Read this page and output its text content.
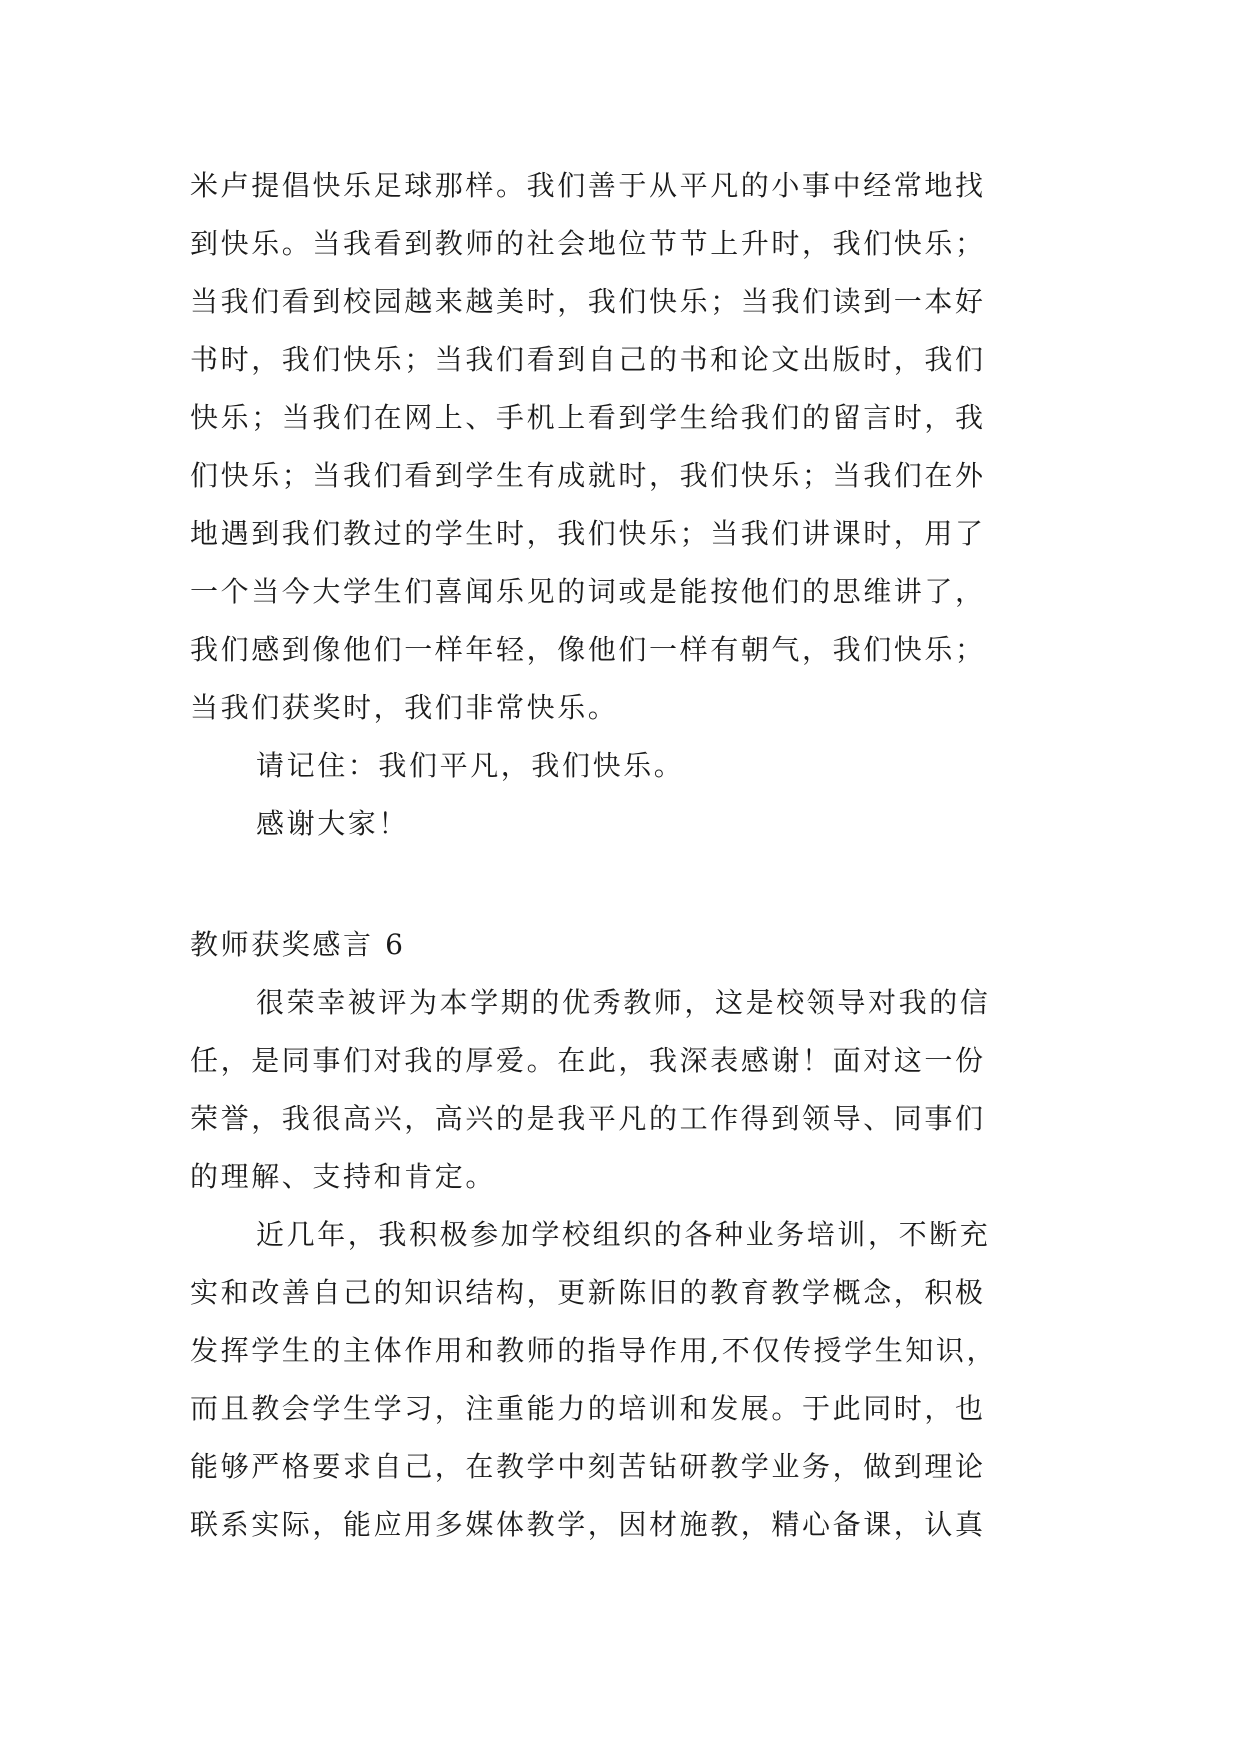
米卢提倡快乐足球那样。我们善于从平凡的小事中经常地找
到快乐。当我看到教师的社会地位节节上升时，我们快乐；
当我们看到校园越来越美时，我们快乐；当我们读到一本好
书时，我们快乐；当我们看到自己的书和论文出版时，我们
快乐；当我们在网上、手机上看到学生给我们的留言时，我
们快乐；当我们看到学生有成就时，我们快乐；当我们在外
地遇到我们教过的学生时，我们快乐；当我们讲课时，用了
一个当今大学生们喜闻乐见的词或是能按他们的思维讲了，
我们感到像他们一样年轻，像他们一样有朝气，我们快乐；
当我们获奖时，我们非常快乐。

请记住：我们平凡，我们快乐。

感谢大家！

教师获奖感言 6

很荣幸被评为本学期的优秀教师，这是校领导对我的信
任，是同事们对我的厚爱。在此，我深表感谢！面对这一份
荣誉，我很高兴，高兴的是我平凡的工作得到领导、同事们
的理解、支持和肯定。

近几年，我积极参加学校组织的各种业务培训，不断充
实和改善自己的知识结构，更新陈旧的教育教学概念，积极
发挥学生的主体作用和教师的指导作用,不仅传授学生知识，
而且教会学生学习，注重能力的培训和发展。于此同时，也
能够严格要求自己，在教学中刻苦钻研教学业务，做到理论
联系实际，能应用多媒体教学，因材施教，精心备课，认真
